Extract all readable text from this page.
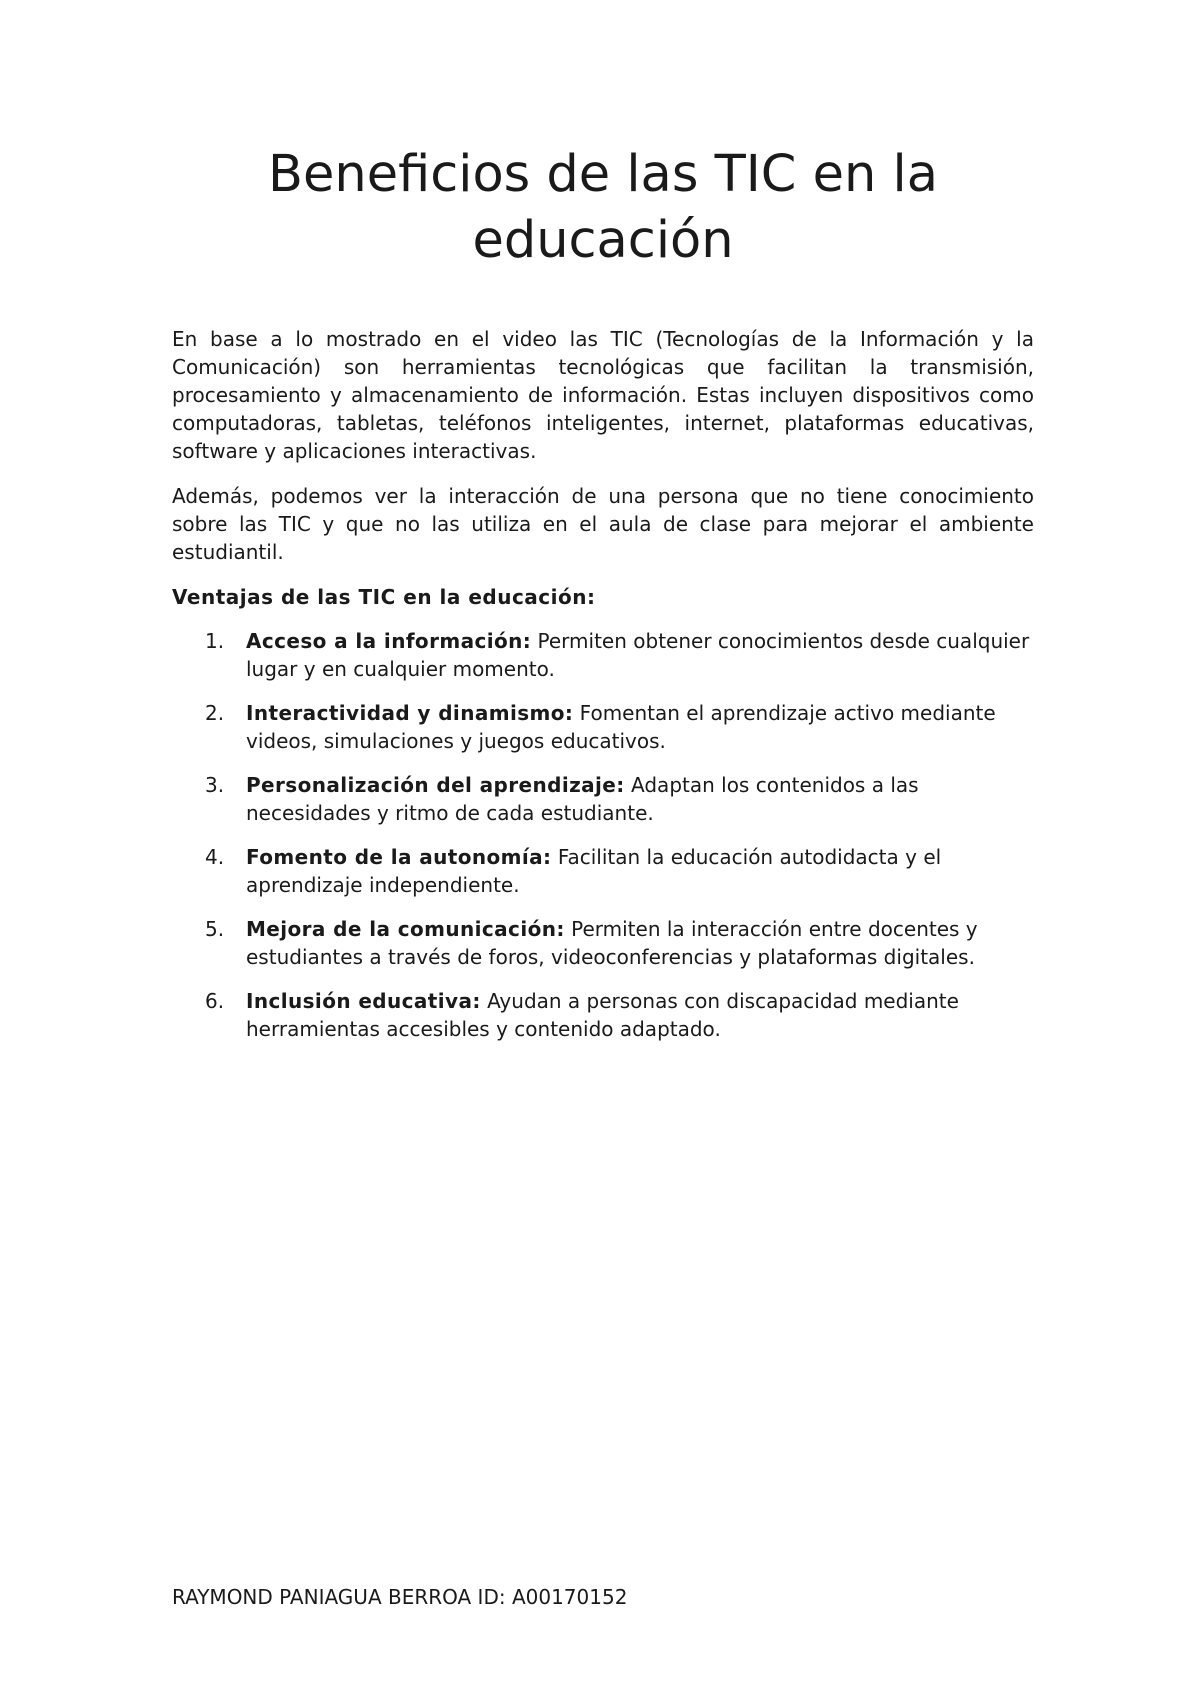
Beneficios de las TIC en la educación

En base a lo mostrado en el video las TIC (Tecnologías de la Información y la Comunicación) son herramientas tecnológicas que facilitan la transmisión, procesamiento y almacenamiento de información. Estas incluyen dispositivos como computadoras, tabletas, teléfonos inteligentes, internet, plataformas educativas, software y aplicaciones interactivas.

Además, podemos ver la interacción de una persona que no tiene conocimiento sobre las TIC y que no las utiliza en el aula de clase para mejorar el ambiente estudiantil.

Ventajas de las TIC en la educación:

1. Acceso a la información: Permiten obtener conocimientos desde cualquier lugar y en cualquier momento.
2. Interactividad y dinamismo: Fomentan el aprendizaje activo mediante videos, simulaciones y juegos educativos.
3. Personalización del aprendizaje: Adaptan los contenidos a las necesidades y ritmo de cada estudiante.
4. Fomento de la autonomía: Facilitan la educación autodidacta y el aprendizaje independiente.
5. Mejora de la comunicación: Permiten la interacción entre docentes y estudiantes a través de foros, videoconferencias y plataformas digitales.
6. Inclusión educativa: Ayudan a personas con discapacidad mediante herramientas accesibles y contenido adaptado.
RAYMOND PANIAGUA BERROA ID: A00170152
